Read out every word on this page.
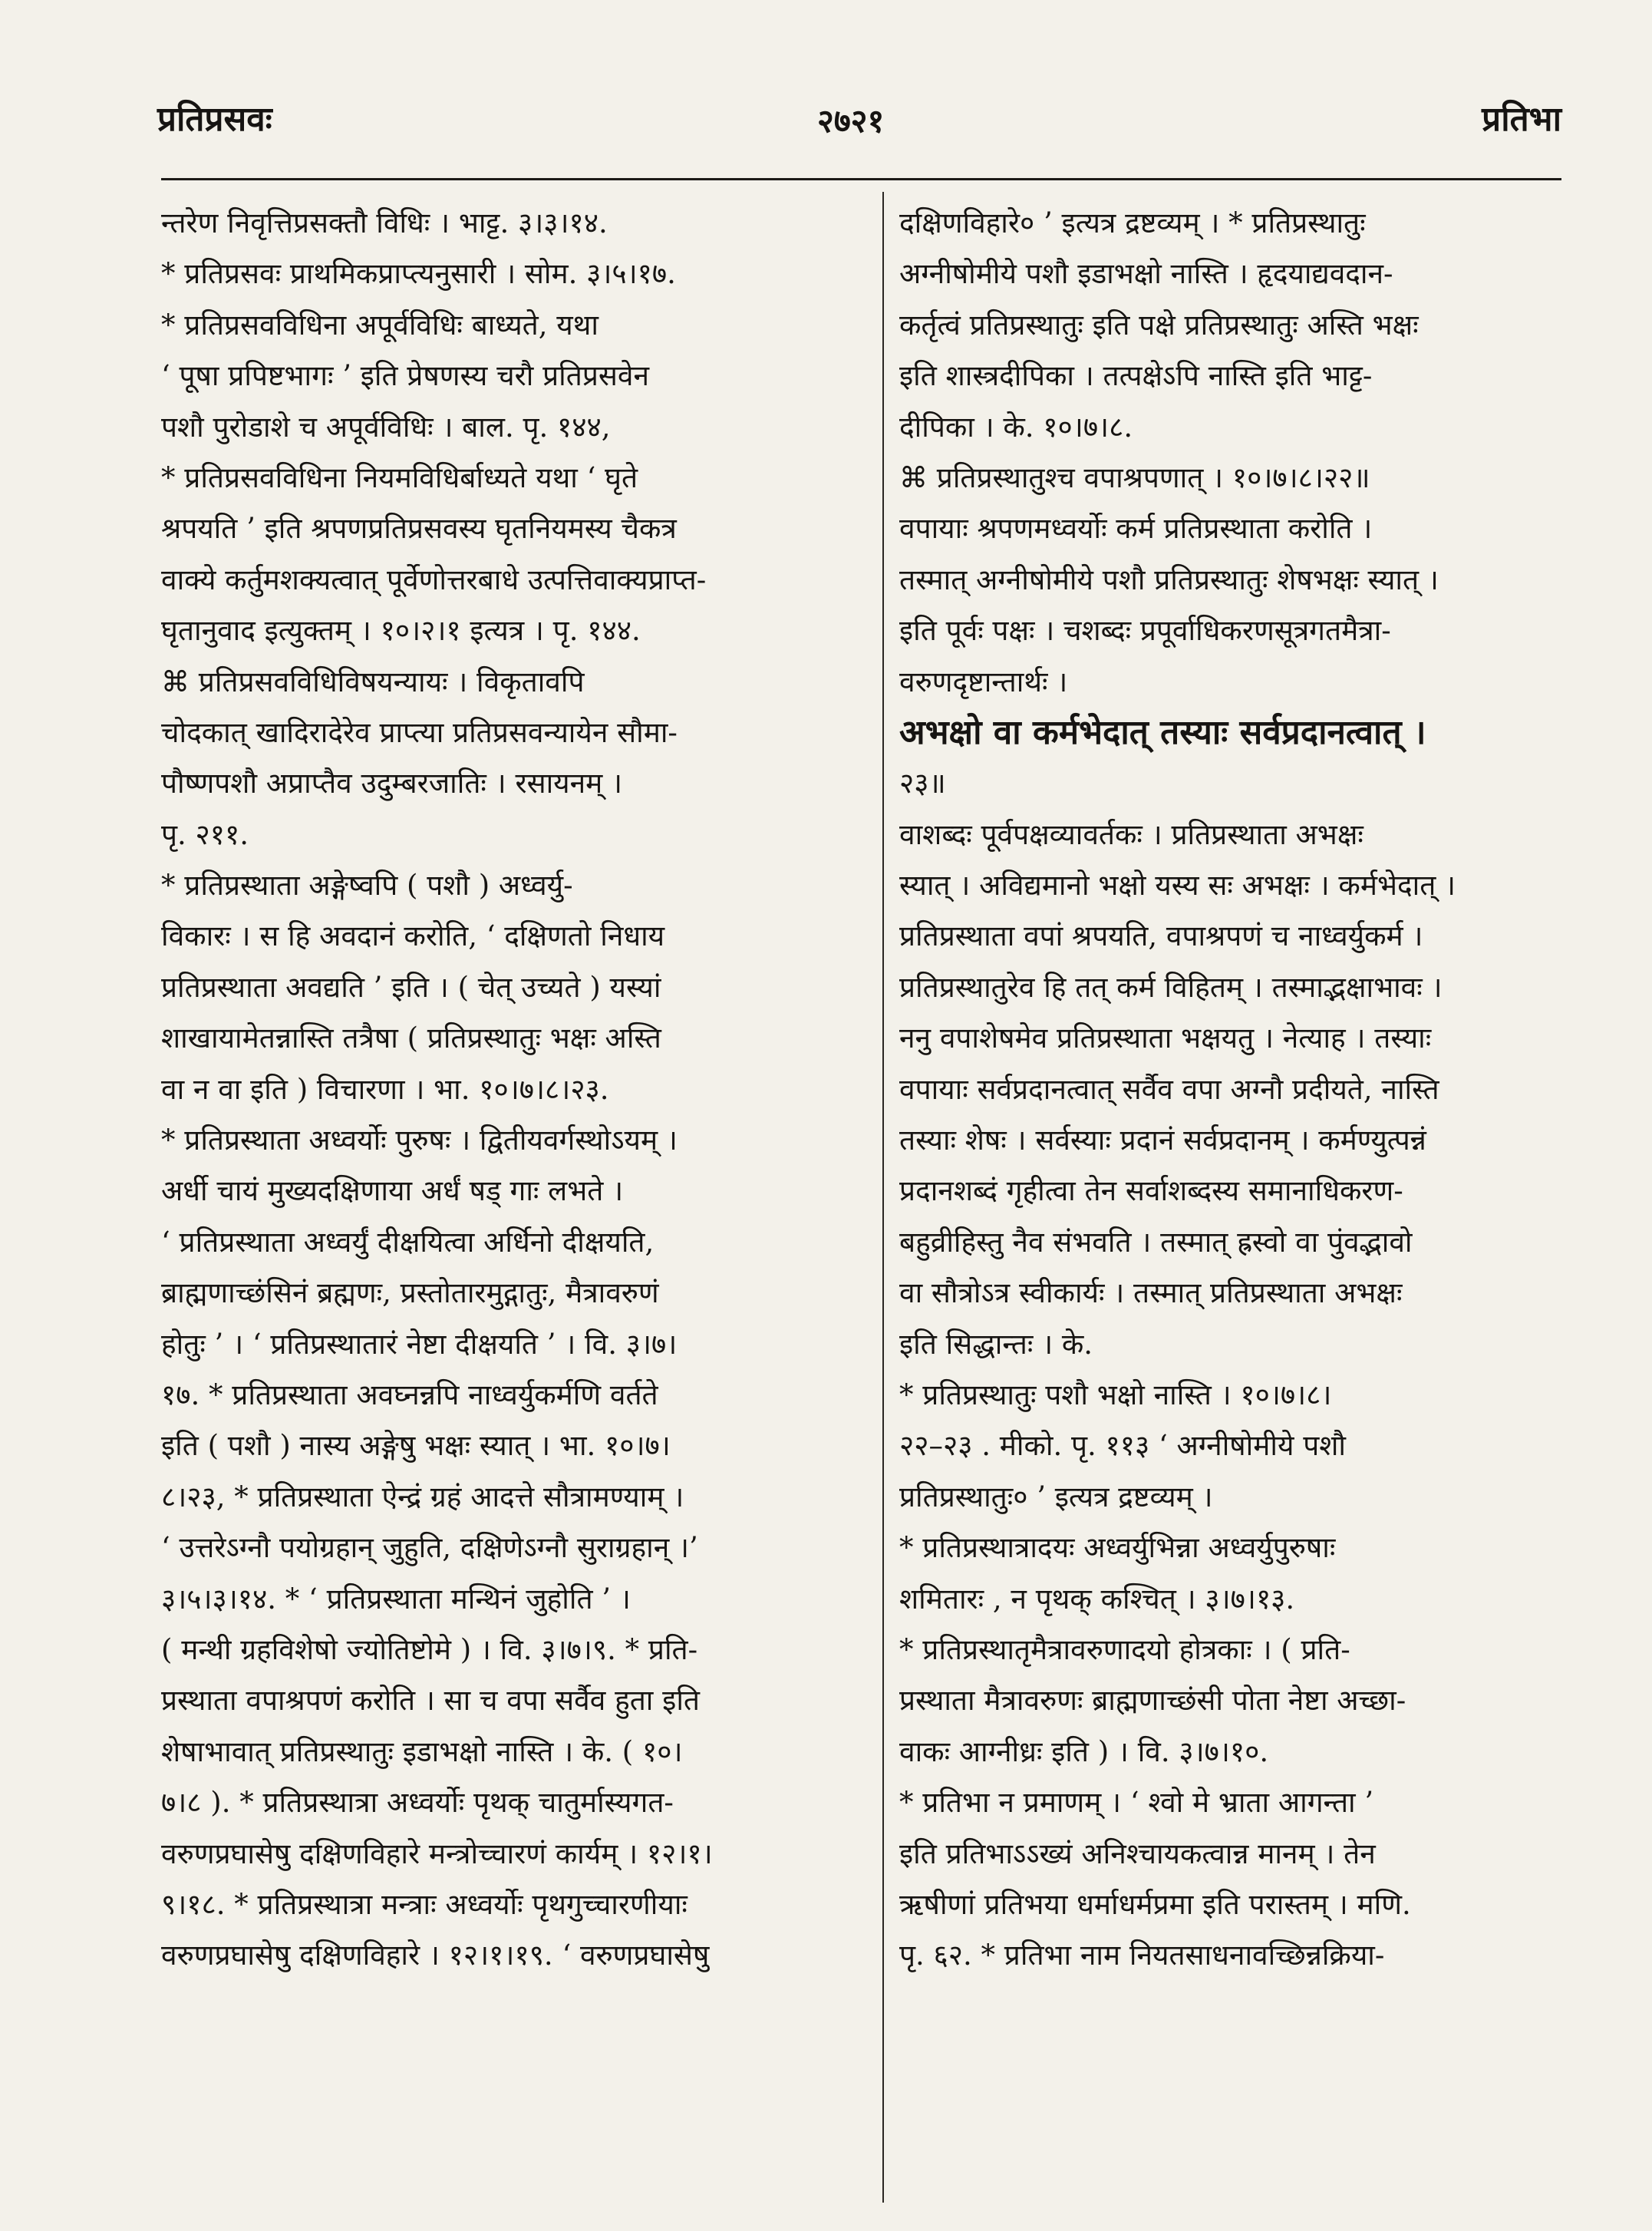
प्रतिप्रसवः	२७२१	प्रतिभा
न्तरेण निवृत्तिप्रसक्तौ विधिः । भाट्ट. ३।३।१४.
* प्रतिप्रसवः प्राथमिकप्राप्त्यनुसारी । सोम. ३।५।१७.
* प्रतिप्रसवविधिना अपूर्वविधिः बाध्यते, यथा
‘ पूषा प्रपिष्टभागः ’ इति प्रेषणस्य चरौ प्रतिप्रसवेन
पशौ पुरोडाशे च अपूर्वविधिः । बाल. पृ. १४४,
* प्रतिप्रसवविधिना नियमविधिर्बाध्यते यथा ‘ घृते
श्रपयति ’ इति श्रपणप्रतिप्रसवस्य घृतनियमस्य चैकत्र
वाक्ये कर्तुमशक्यत्वात् पूर्वेणोत्तरबाधे उत्पत्तिवाक्यप्राप्त-
घृतानुवाद इत्युक्तम् । १०।२।१ इत्यत्र । पृ. १४४.
⌘ प्रतिप्रसवविधिविषयन्यायः । विकृतावपि
चोदकात् खादिरादेरेव प्राप्त्या प्रतिप्रसवन्यायेन सौमा-
पौष्णपशौ अप्राप्तैव उदुम्बरजातिः । रसायनम् ।
पृ. २११.
* प्रतिप्रस्थाता अङ्गेष्वपि ( पशौ ) अध्वर्यु-
विकारः । स हि अवदानं करोति, ‘ दक्षिणतो निधाय
प्रतिप्रस्थाता अवद्यति ’ इति । ( चेत् उच्यते ) यस्यां
शाखायामेतन्नास्ति तत्रैषा ( प्रतिप्रस्थातुः भक्षः अस्ति
वा न वा इति ) विचारणा । भा. १०।७।८।२३.
* प्रतिप्रस्थाता अध्वर्योः पुरुषः । द्वितीयवर्गस्थोऽयम् ।
अर्धी चायं मुख्यदक्षिणाया अर्धं षड् गाः लभते ।
‘ प्रतिप्रस्थाता अध्वर्युं दीक्षयित्वा अर्धिनो दीक्षयति,
ब्राह्मणाच्छंसिनं ब्रह्मणः, प्रस्तोतारमुद्गातुः, मैत्रावरुणं
होतुः ’ । ‘ प्रतिप्रस्थातारं नेष्टा दीक्षयति ’ । वि. ३।७।
१७. * प्रतिप्रस्थाता अवघ्नन्नपि नाध्वर्युकर्मणि वर्तते
इति ( पशौ ) नास्य अङ्गेषु भक्षः स्यात् । भा. १०।७।
८।२३, * प्रतिप्रस्थाता ऐन्द्रं ग्रहं आदत्ते सौत्रामण्याम् ।
‘ उत्तरेऽग्नौ पयोग्रहान् जुहुति, दक्षिणेऽग्नौ सुराग्रहान् ।’
३।५।३।१४. * ‘ प्रतिप्रस्थाता मन्थिनं जुहोति ’ ।
( मन्थी ग्रहविशेषो ज्योतिष्टोमे ) । वि. ३।७।९. * प्रति-
प्रस्थाता वपाश्रपणं करोति । सा च वपा सर्वैव हुता इति
शेषाभावात् प्रतिप्रस्थातुः इडाभक्षो नास्ति । के. ( १०।
७।८ ). * प्रतिप्रस्थात्रा अध्वर्योः पृथक् चातुर्मास्यगत-
वरुणप्रघासेषु दक्षिणविहारे मन्त्रोच्चारणं कार्यम् । १२।१।
९।१८. * प्रतिप्रस्थात्रा मन्त्राः अध्वर्योः पृथगुच्चारणीयाः
वरुणप्रघासेषु दक्षिणविहारे । १२।१।१९. ‘ वरुणप्रघासेषु
दक्षिणविहारे० ’ इत्यत्र द्रष्टव्यम् । * प्रतिप्रस्थातुः
अग्नीषोमीये पशौ इडाभक्षो नास्ति । हृदयाद्यवदान-
कर्तृत्वं प्रतिप्रस्थातुः इति पक्षे प्रतिप्रस्थातुः अस्ति भक्षः
इति शास्त्रदीपिका । तत्पक्षेऽपि नास्ति इति भाट्ट-
दीपिका । के. १०।७।८.
⌘ प्रतिप्रस्थातुश्च वपाश्रपणात् । १०।७।८।२२॥
वपायाः श्रपणमध्वर्योः कर्म प्रतिप्रस्थाता करोति ।
तस्मात् अग्नीषोमीये पशौ प्रतिप्रस्थातुः शेषभक्षः स्यात् ।
इति पूर्वः पक्षः । चशब्दः प्रपूर्वाधिकरणसूत्रगतमैत्रा-
वरुणदृष्टान्तार्थः ।
अभक्षो वा कर्मभेदात् तस्याः सर्वप्रदानत्वात् ।
२३॥
वाशब्दः पूर्वपक्षव्यावर्तकः । प्रतिप्रस्थाता अभक्षः
स्यात् । अविद्यमानो भक्षो यस्य सः अभक्षः । कर्मभेदात् ।
प्रतिप्रस्थाता वपां श्रपयति, वपाश्रपणं च नाध्वर्युकर्म ।
प्रतिप्रस्थातुरेव हि तत् कर्म विहितम् । तस्माद्भक्षाभावः ।
ननु वपाशेषमेव प्रतिप्रस्थाता भक्षयतु । नेत्याह । तस्याः
वपायाः सर्वप्रदानत्वात् सर्वैव वपा अग्नौ प्रदीयते, नास्ति
तस्याः शेषः । सर्वस्याः प्रदानं सर्वप्रदानम् । कर्मण्युत्पन्नं
प्रदानशब्दं गृहीत्वा तेन सर्वाशब्दस्य समानाधिकरण-
बहुव्रीहिस्तु नैव संभवति । तस्मात् ह्रस्वो वा पुंवद्भावो
वा सौत्रोऽत्र स्वीकार्यः । तस्मात् प्रतिप्रस्थाता अभक्षः
इति सिद्धान्तः । के.
* प्रतिप्रस्थातुः पशौ भक्षो नास्ति । १०।७।८।
२२–२३ . मीको. पृ. ११३ ‘ अग्नीषोमीये पशौ
प्रतिप्रस्थातुः० ’ इत्यत्र द्रष्टव्यम् ।
* प्रतिप्रस्थात्रादयः अध्वर्युभिन्ना अध्वर्युपुरुषाः
शमितारः , न पृथक् कश्चित् । ३।७।१३.
* प्रतिप्रस्थातृमैत्रावरुणादयो होत्रकाः । ( प्रति-
प्रस्थाता मैत्रावरुणः ब्राह्मणाच्छंसी पोता नेष्टा अच्छा-
वाकः आग्नीध्रः इति ) । वि. ३।७।१०.
* प्रतिभा न प्रमाणम् । ‘ श्वो मे भ्राता आगन्ता ’
इति प्रतिभाऽऽख्यं अनिश्चायकत्वान्न मानम् । तेन
ऋषीणां प्रतिभया धर्माधर्मप्रमा इति परास्तम् । मणि.
पृ. ६२. * प्रतिभा नाम नियतसाधनावच्छिन्नक्रिया-
